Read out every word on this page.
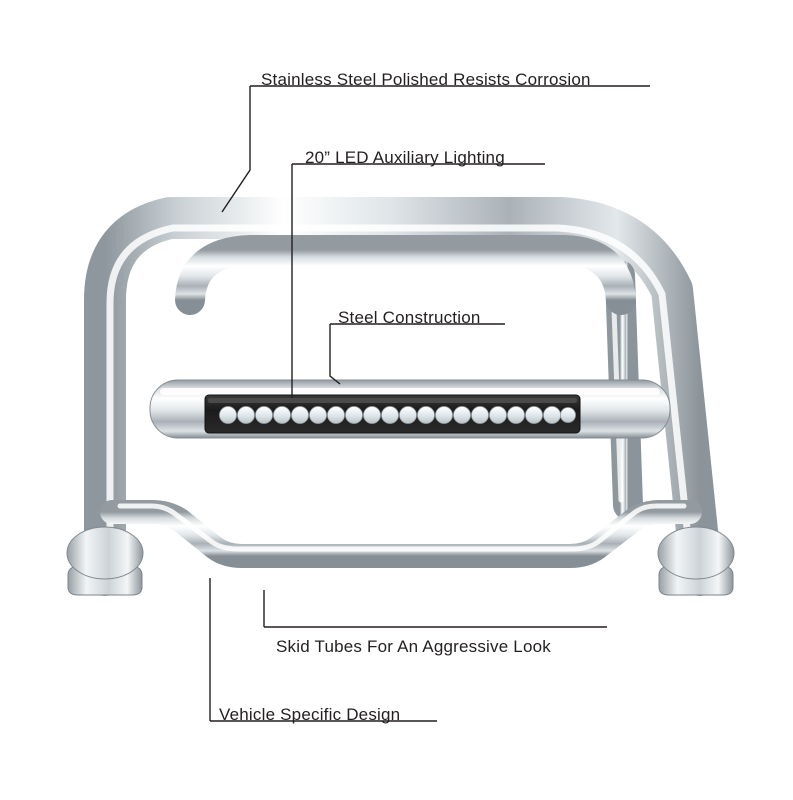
Stainless Steel Polished Resists Corrosion
20” LED Auxiliary Lighting
Steel Construction
Skid Tubes For An Aggressive Look
Vehicle Specific Design
